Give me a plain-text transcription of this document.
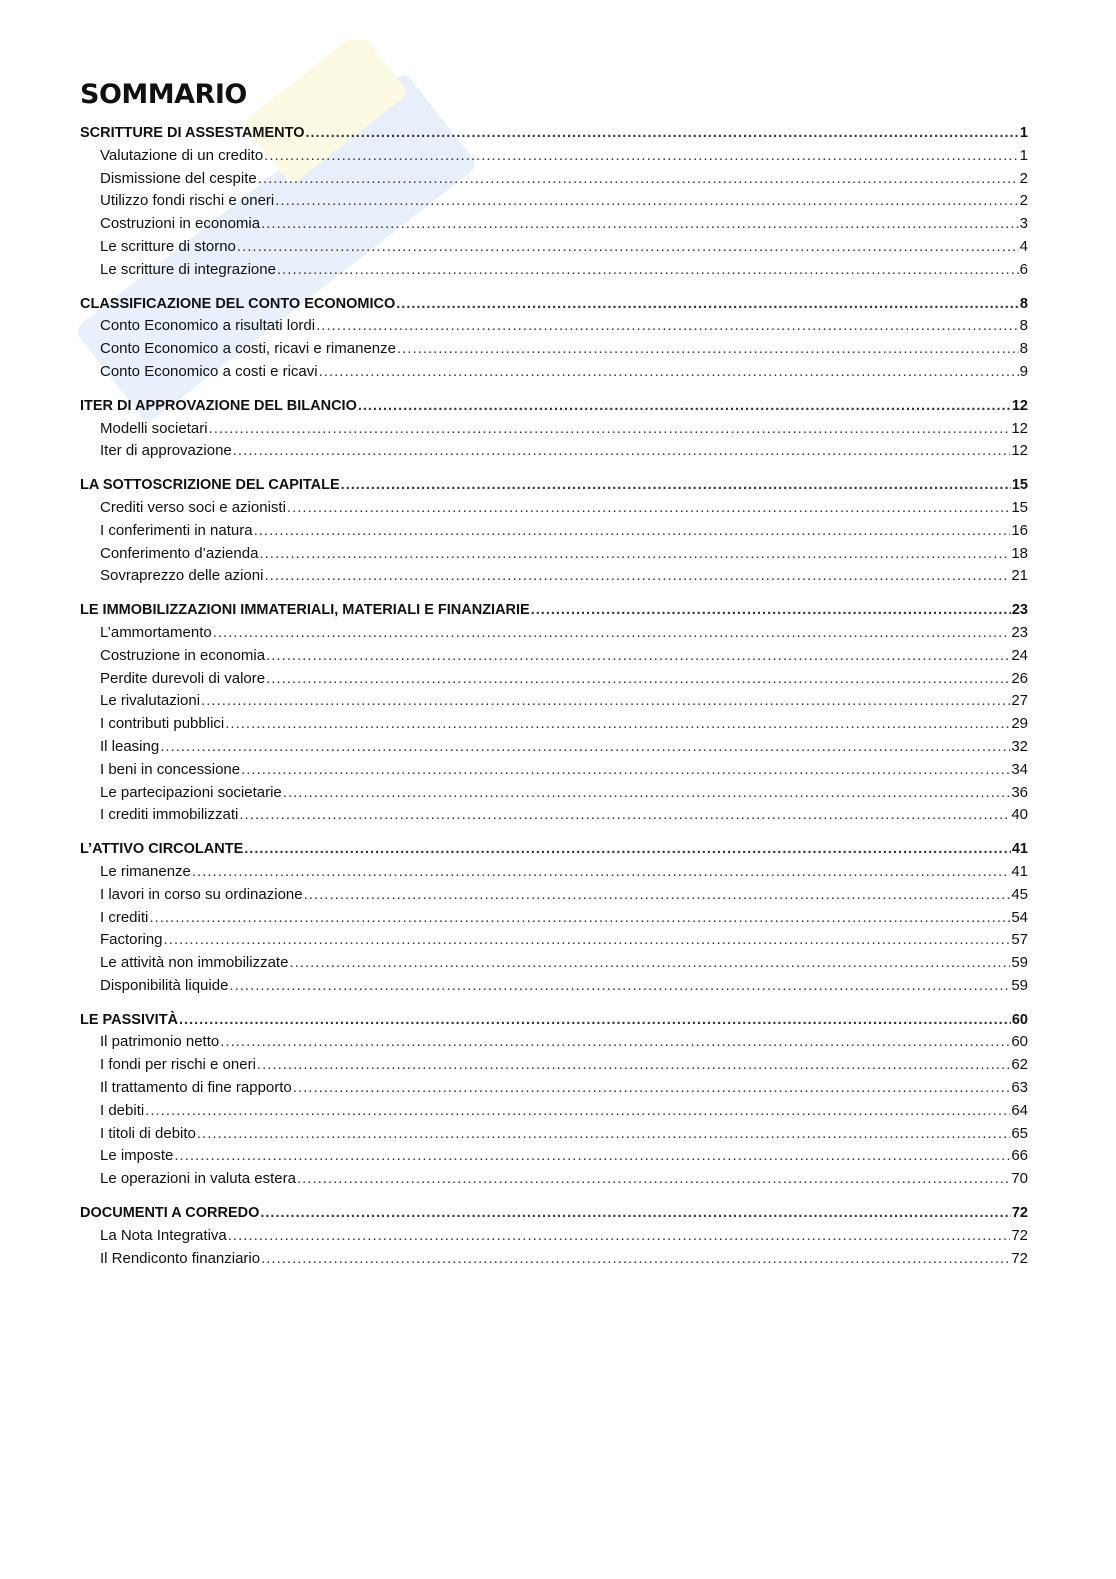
SOMMARIO
SCRITTURE DI ASSESTAMENTO .....	1
Valutazione di un credito .....	1
Dismissione del cespite .....	2
Utilizzo fondi rischi e oneri .....	2
Costruzioni in economia .....	3
Le scritture di storno .....	4
Le scritture di integrazione .....	6
CLASSIFICAZIONE DEL CONTO ECONOMICO .....	8
Conto Economico a risultati lordi .....	8
Conto Economico a costi, ricavi e rimanenze .....	8
Conto Economico a costi e ricavi .....	9
ITER DI APPROVAZIONE DEL BILANCIO .....	12
Modelli societari .....	12
Iter di approvazione .....	12
LA SOTTOSCRIZIONE DEL CAPITALE .....	15
Crediti verso soci e azionisti .....	15
I conferimenti in natura .....	16
Conferimento d’azienda .....	18
Sovraprezzo delle azioni .....	21
LE IMMOBILIZZAZIONI IMMATERIALI, MATERIALI E FINANZIARIE .....	23
L’ammortamento .....	23
Costruzione in economia .....	24
Perdite durevoli di valore .....	26
Le rivalutazioni .....	27
I contributi pubblici .....	29
Il leasing .....	32
I beni in concessione .....	34
Le partecipazioni societarie .....	36
I crediti immobilizzati .....	40
L’ATTIVO CIRCOLANTE .....	41
Le rimanenze .....	41
I lavori in corso su ordinazione .....	45
I crediti .....	54
Factoring .....	57
Le attività non immobilizzate .....	59
Disponibilità liquide .....	59
LE PASSIVITÀ .....	60
Il patrimonio netto .....	60
I fondi per rischi e oneri .....	62
Il trattamento di fine rapporto .....	63
I debiti .....	64
I titoli di debito .....	65
Le imposte .....	66
Le operazioni in valuta estera .....	70
DOCUMENTI A CORREDO .....	72
La Nota Integrativa .....	72
Il Rendiconto finanziario .....	72
